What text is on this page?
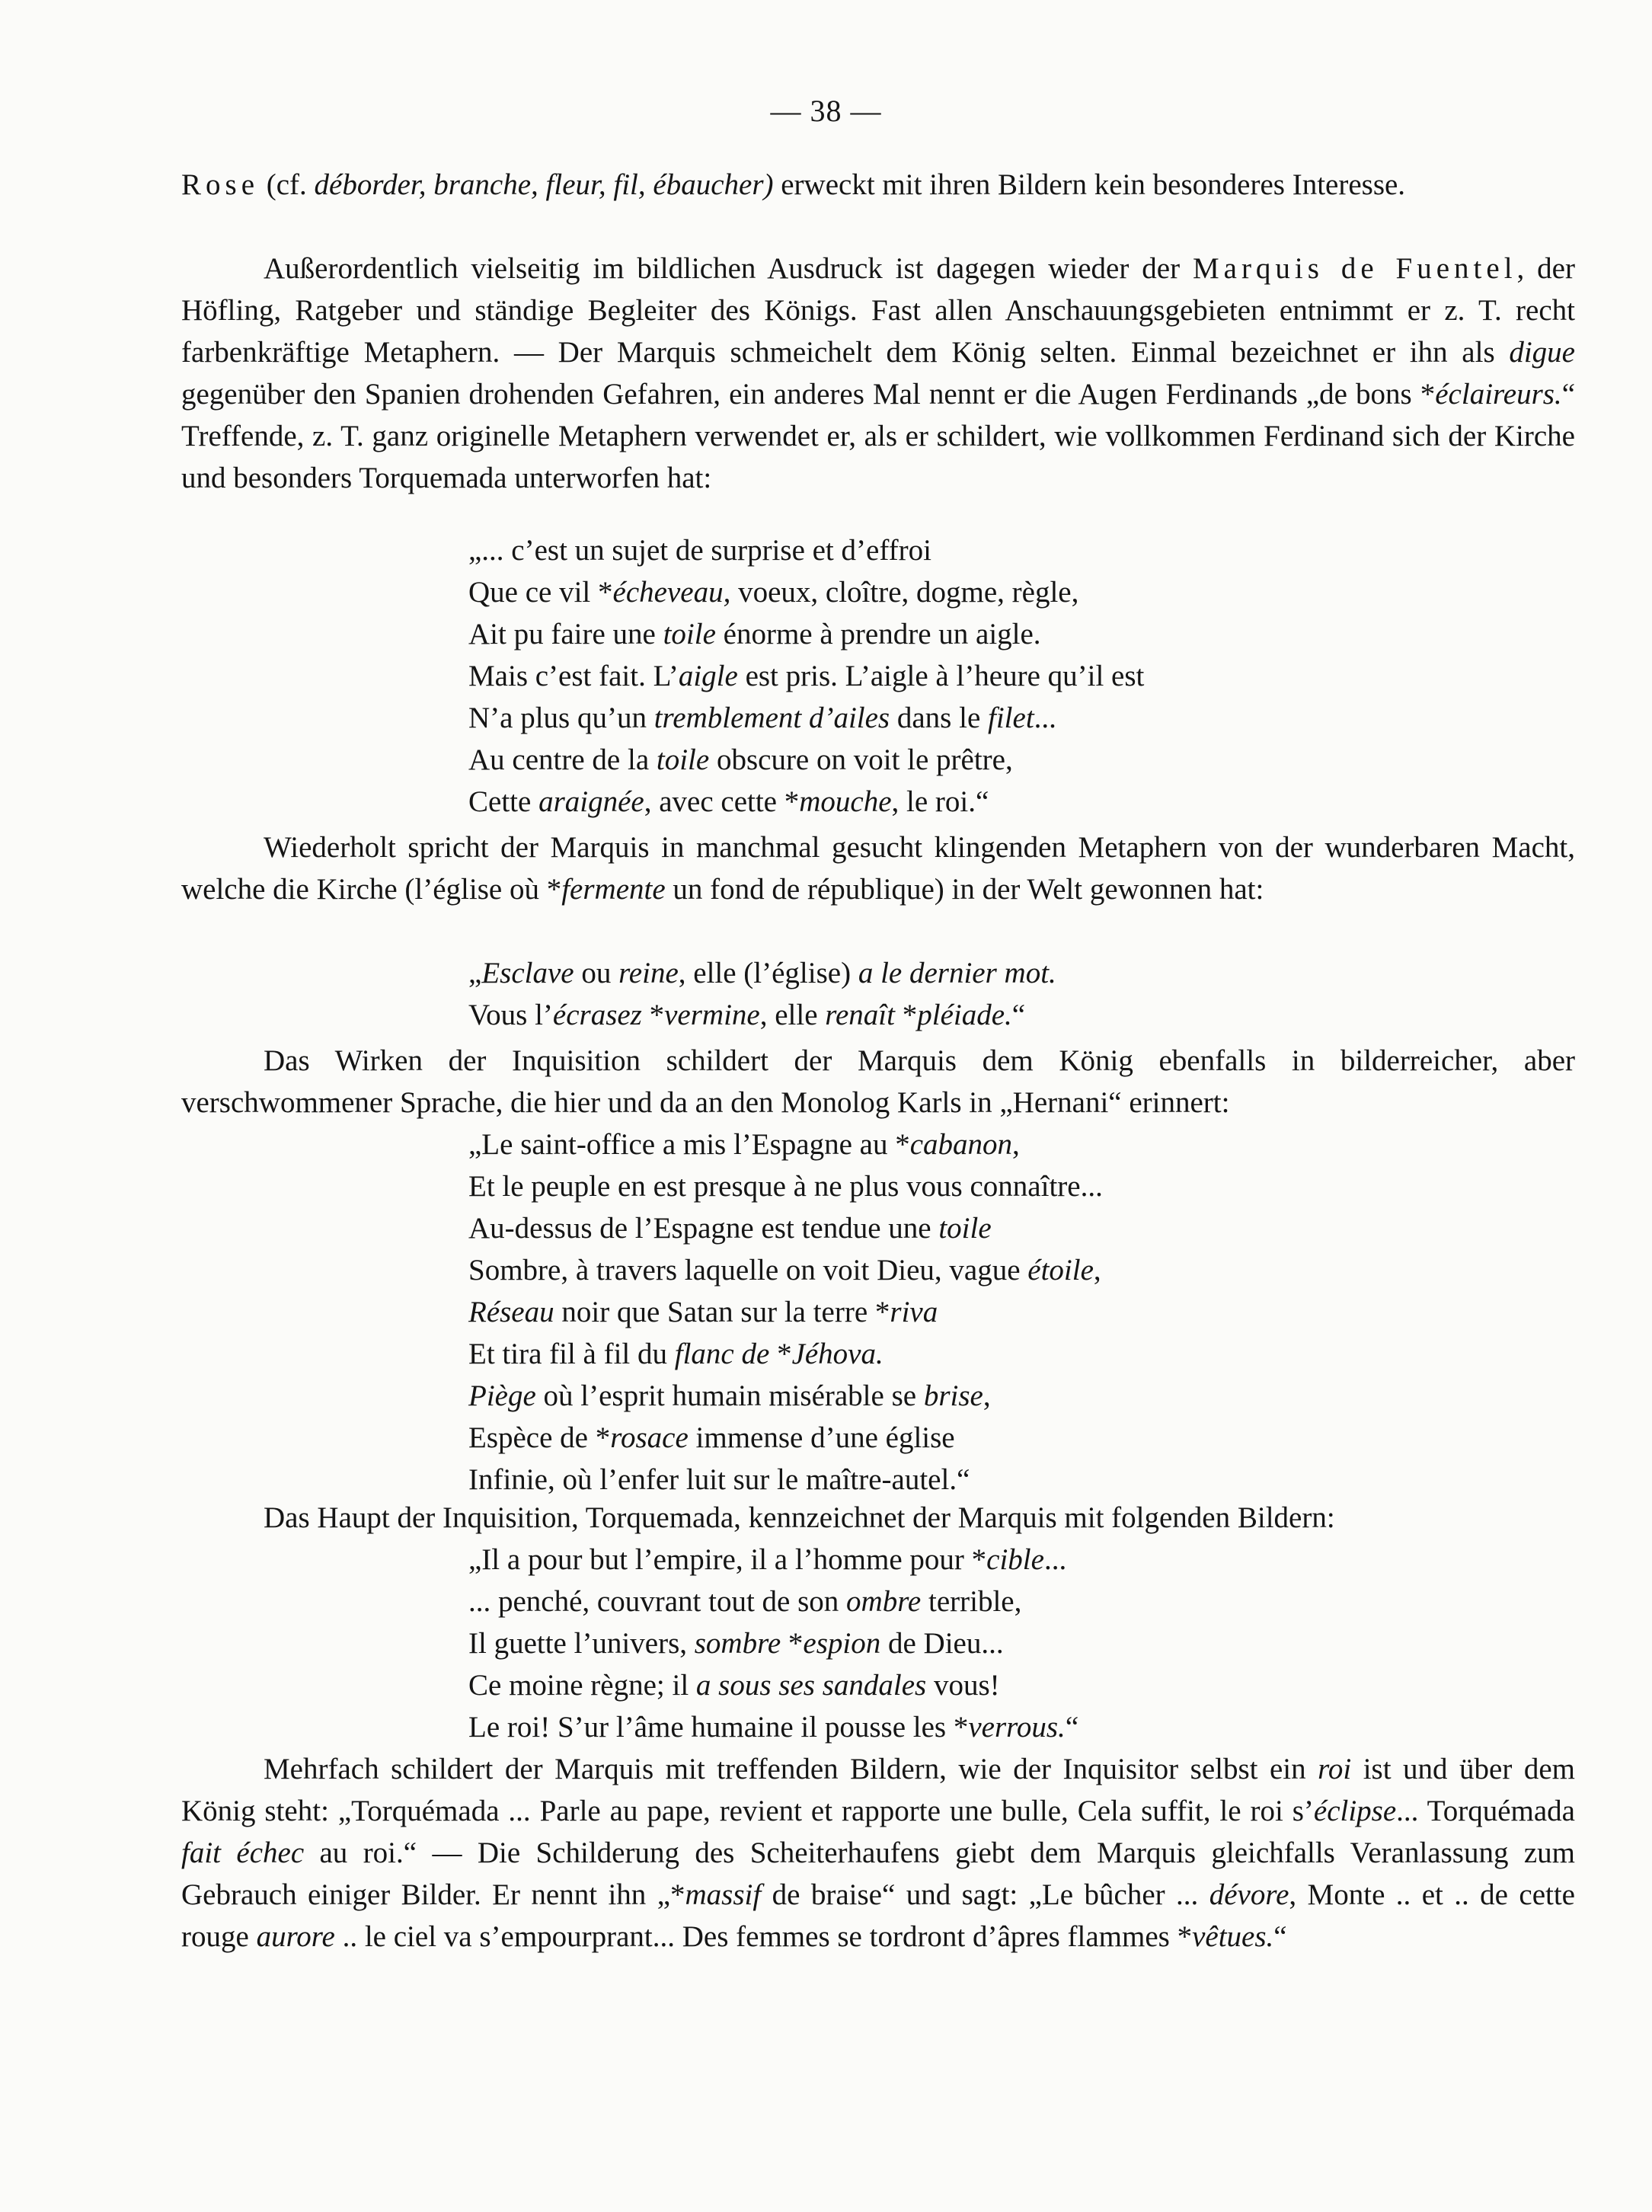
— 38 —

Rose (cf. déborder, branche, fleur, fil, ébaucher) erweckt mit ihren Bildern kein besonderes Interesse.

Außerordentlich vielseitig im bildlichen Ausdruck ist dagegen wieder der Marquis de Fuentel, der Höfling, Ratgeber und ständige Begleiter des Königs. Fast allen Anschauungsgebieten entnimmt er z. T. recht farbenkräftige Metaphern. — Der Marquis schmeichelt dem König selten. Einmal bezeichnet er ihn als digue gegenüber den Spanien drohenden Gefahren, ein anderes Mal nennt er die Augen Ferdinands „de bons *éclaireurs.“ Treffende, z. T. ganz originelle Metaphern verwendet er, als er schildert, wie vollkommen Ferdinand sich der Kirche und besonders Torquemada unterworfen hat:

„... c’est un sujet de surprise et d’effroi
Que ce vil *écheveau, voeux, cloître, dogme, règle,
Ait pu faire une toile énorme à prendre un aigle.
Mais c’est fait. L’aigle est pris. L’aigle à l’heure qu’il est
N’a plus qu’un tremblement d’ailes dans le filet...
Au centre de la toile obscure on voit le prêtre,
Cette araignée, avec cette *mouche, le roi.“

Wiederholt spricht der Marquis in manchmal gesucht klingenden Metaphern von der wunderbaren Macht, welche die Kirche (l’église où *fermente un fond de république) in der Welt gewonnen hat:

„Esclave ou reine, elle (l’église) a le dernier mot.
Vous l’écrasez *vermine, elle renaît *pléiade.“

Das Wirken der Inquisition schildert der Marquis dem König ebenfalls in bilderreicher, aber verschwommener Sprache, die hier und da an den Monolog Karls in „Hernani“ erinnert:

„Le saint-office a mis l’Espagne au *cabanon,
Et le peuple en est presque à ne plus vous connaître...
Au-dessus de l’Espagne est tendue une toile
Sombre, à travers laquelle on voit Dieu, vague étoile,
Réseau noir que Satan sur la terre *riva
Et tira fil à fil du flanc de *Jéhova.
Piège où l’esprit humain misérable se brise,
Espèce de *rosace immense d’une église
Infinie, où l’enfer luit sur le maître-autel.“

Das Haupt der Inquisition, Torquemada, kennzeichnet der Marquis mit folgenden Bildern:

„Il a pour but l’empire, il a l’homme pour *cible...
... penché, couvrant tout de son ombre terrible,
Il guette l’univers, sombre *espion de Dieu...
Ce moine règne; il a sous ses sandales vous!
Le roi! S’ur l’âme humaine il pousse les *verrous.“

Mehrfach schildert der Marquis mit treffenden Bildern, wie der Inquisitor selbst ein roi ist und über dem König steht: „Torquémada ... Parle au pape, revient et rapporte une bulle, Cela suffit, le roi s’éclipse... Torquémada fait échec au roi.“ — Die Schilderung des Scheiterhaufens giebt dem Marquis gleichfalls Veranlassung zum Gebrauch einiger Bilder. Er nennt ihn „*massif de braise“ und sagt: „Le bûcher ... dévore, Monte .. et .. de cette rouge aurore .. le ciel va s’empourprant... Des femmes se tordront d’âpres flammes *vêtues.“
